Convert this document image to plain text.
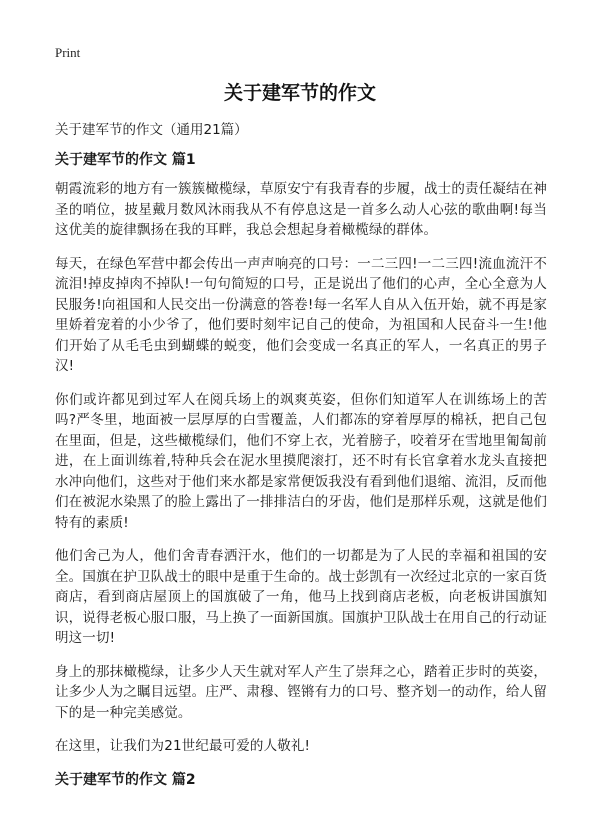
Print
关于建军节的作文

关于建军节的作文（通用21篇）

关于建军节的作文 篇1

朝霞流彩的地方有一簇簇橄榄绿，草原安宁有我青春的步履，战士的责任凝结在神圣的哨位，披星戴月数风沐雨我从不有停息这是一首多么动人心弦的歌曲啊!每当这优美的旋律飘扬在我的耳畔，我总会想起身着橄榄绿的群体。

每天，在绿色军营中都会传出一声声响亮的口号：一二三四!一二三四!流血流汗不流泪!掉皮掉肉不掉队!一句句简短的口号，正是说出了他们的心声，全心全意为人民服务!向祖国和人民交出一份满意的答卷!每一名军人自从入伍开始，就不再是家里娇着宠着的小少爷了，他们要时刻牢记自己的使命，为祖国和人民奋斗一生!他们开始了从毛毛虫到蝴蝶的蜕变，他们会变成一名真正的军人，一名真正的男子汉!

你们或许都见到过军人在阅兵场上的飒爽英姿，但你们知道军人在训练场上的苦吗?严冬里，地面被一层厚厚的白雪覆盖，人们都冻的穿着厚厚的棉袄，把自己包在里面，但是，这些橄榄绿们，他们不穿上衣，光着膀子，咬着牙在雪地里匍匐前进，在上面训练着,特种兵会在泥水里摸爬滚打，还不时有长官拿着水龙头直接把水冲向他们，这些对于他们来水都是家常便饭我没有看到他们退缩、流泪，反而他们在被泥水染黑了的脸上露出了一排排洁白的牙齿，他们是那样乐观，这就是他们特有的素质!

他们舍己为人，他们舍青春洒汗水，他们的一切都是为了人民的幸福和祖国的安全。国旗在护卫队战士的眼中是重于生命的。战士彭凯有一次经过北京的一家百货商店，看到商店屋顶上的国旗破了一角，他马上找到商店老板，向老板讲国旗知识，说得老板心服口服，马上换了一面新国旗。国旗护卫队战士在用自己的行动证明这一切!

身上的那抹橄榄绿，让多少人天生就对军人产生了崇拜之心，踏着正步时的英姿，让多少人为之瞩目远望。庄严、肃穆、铿锵有力的口号、整齐划一的动作，给人留下的是一种完美感觉。

在这里，让我们为21世纪最可爱的人敬礼!

关于建军节的作文 篇2
